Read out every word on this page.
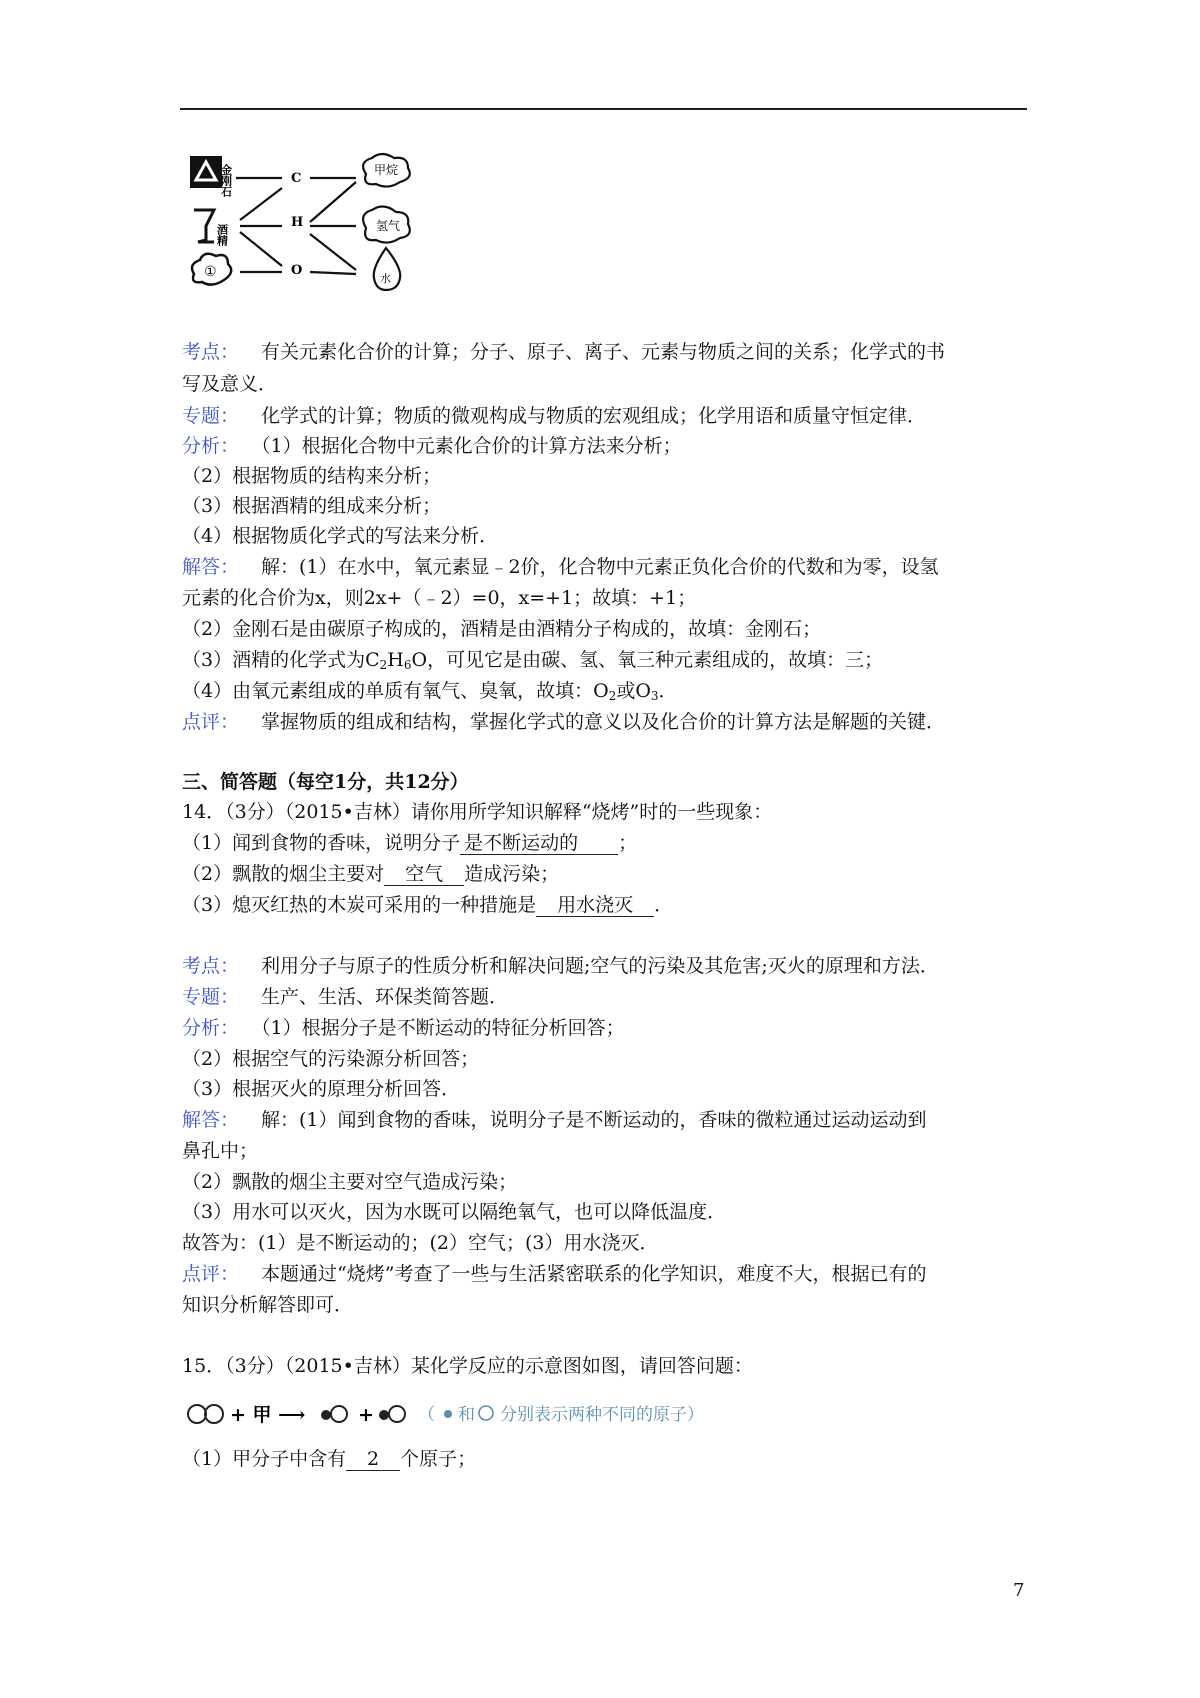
金刚石
酒精
①
C
H
O
甲烷
氢气
水
考点： 有关元素化合价的计算；分子、原子、离子、元素与物质之间的关系；化学式的书
写及意义．
专题： 化学式的计算；物质的微观构成与物质的宏观组成；化学用语和质量守恒定律．
分析： （1）根据化合物中元素化合价的计算方法来分析；
（2）根据物质的结构来分析；
（3）根据酒精的组成来分析；
（4）根据物质化学式的写法来分析．
解答： 解：(1）在水中，氧元素显﹣2价，化合物中元素正负化合价的代数和为零，设氢
元素的化合价为x，则2x+（﹣2）=0，x=+1；故填：+1；
（2）金刚石是由碳原子构成的，酒精是由酒精分子构成的，故填：金刚石；
（3）酒精的化学式为$C_2H_6O$，可见它是由碳、氢、氧三种元素组成的，故填：三；
（4）由氧元素组成的单质有氧气、臭氧，故填：$O_2$或$O_3$．
点评： 掌握物质的组成和结构，掌握化学式的意义以及化合价的计算方法是解题的关键．
三、简答题（每空1分，共12分）
14．（3分）（2015•吉林）请你用所学知识解释“烧烤”时的一些现象：
（1）闻到食物的香味，说明分子 是不断运动的 ；
（2）飘散的烟尘主要对 空气 造成污染；
（3）熄灭红热的木炭可采用的一种措施是 用水浇灭 ．
考点： 利用分子与原子的性质分析和解决问题;空气的污染及其危害;灭火的原理和方法．
专题： 生产、生活、环保类简答题．
分析： （1）根据分子是不断运动的特征分析回答；
（2）根据空气的污染源分析回答；
（3）根据灭火的原理分析回答．
解答： 解：(1）闻到食物的香味，说明分子是不断运动的，香味的微粒通过运动运动到
鼻孔中；
（2）飘散的烟尘主要对空气造成污染；
（3）用水可以灭火，因为水既可以隔绝氧气，也可以降低温度．
故答为：(1）是不断运动的；(2）空气；(3）用水浇灭．
点评： 本题通过“烧烤”考查了一些与生活紧密联系的化学知识，难度不大，根据已有的
知识分析解答即可．
15．（3分）（2015•吉林）某化学反应的示意图如图，请回答问题：
（1）甲分子中含有 2 个原子；
+ 甲 ⟶	+	（ 和 分别表示两种不同的原子）
7
